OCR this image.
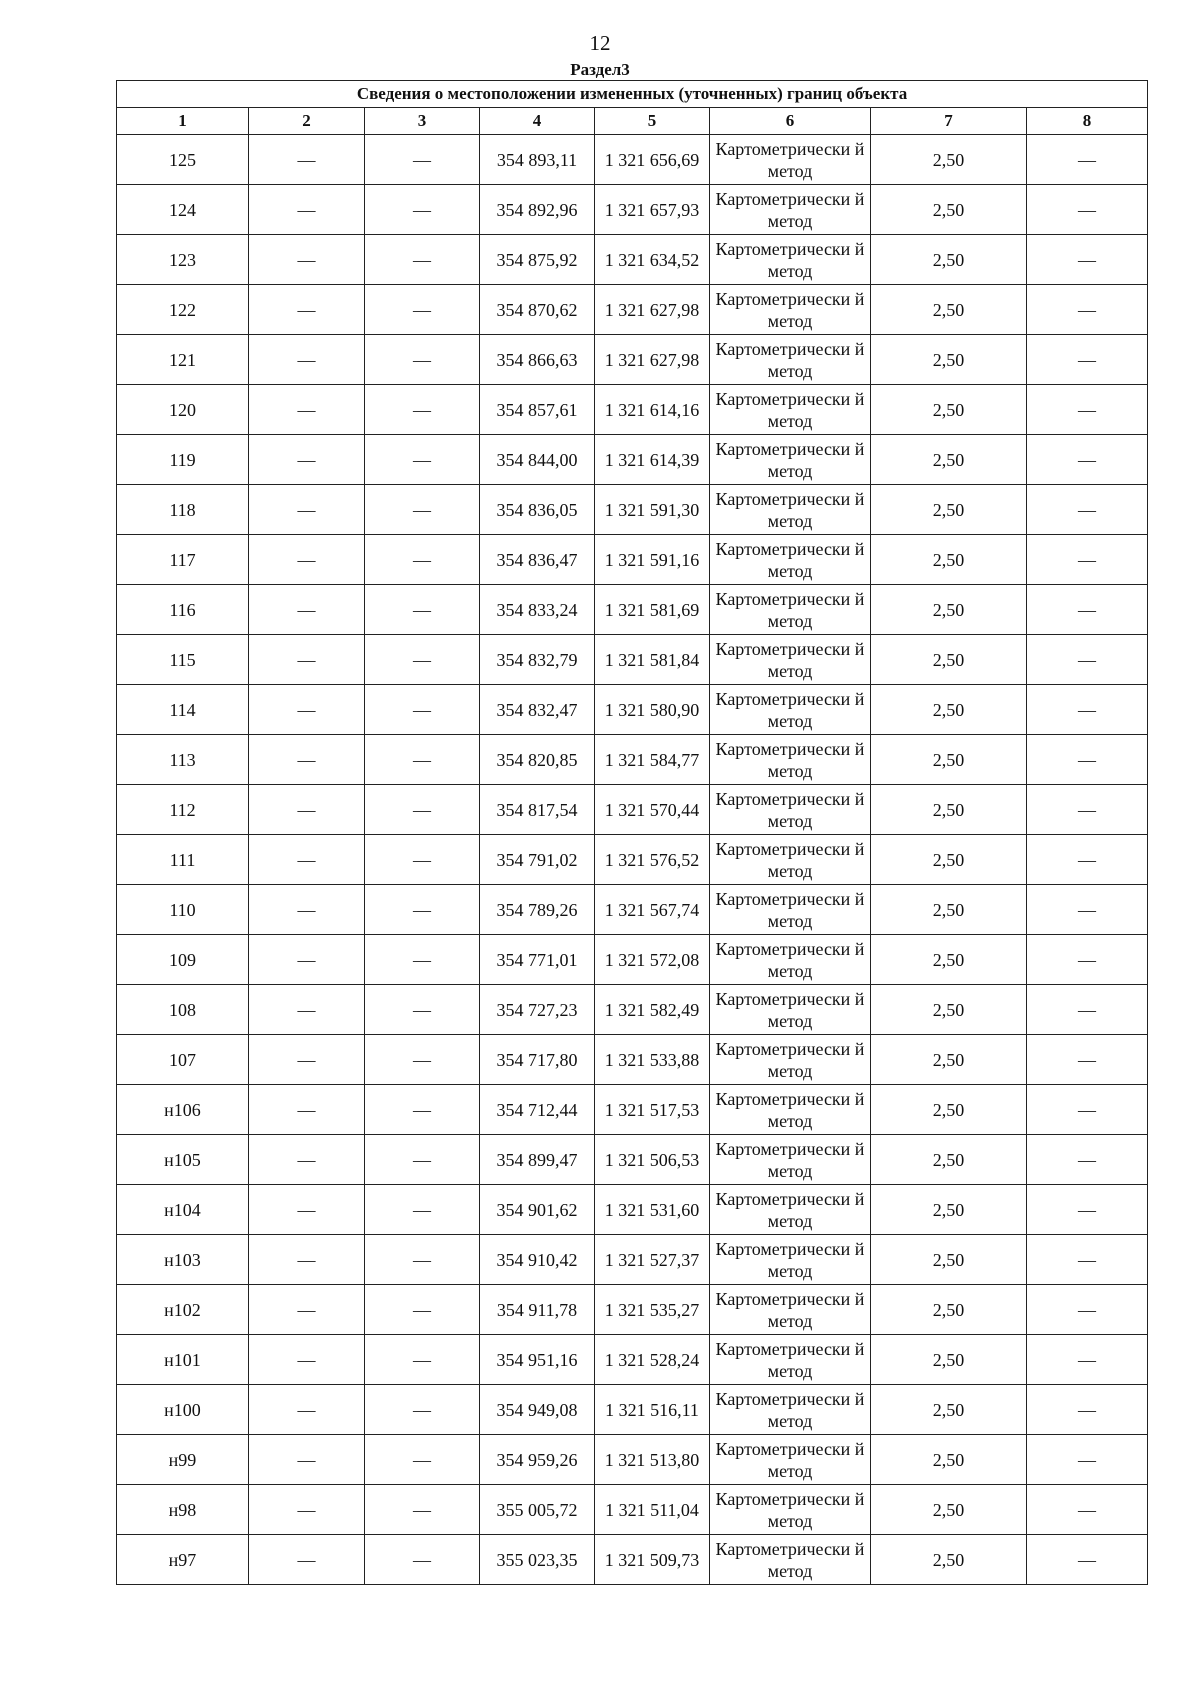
12
Раздел3
Сведения о местоположении измененных (уточненных) границ объекта							
1	2	3	4	5	6	7	8
125	—	—	354 893,11	1 321 656,69	Картометрически й метод	2,50	—
124	—	—	354 892,96	1 321 657,93	Картометрически й метод	2,50	—
123	—	—	354 875,92	1 321 634,52	Картометрически й метод	2,50	—
122	—	—	354 870,62	1 321 627,98	Картометрически й метод	2,50	—
121	—	—	354 866,63	1 321 627,98	Картометрически й метод	2,50	—
120	—	—	354 857,61	1 321 614,16	Картометрически й метод	2,50	—
119	—	—	354 844,00	1 321 614,39	Картометрически й метод	2,50	—
118	—	—	354 836,05	1 321 591,30	Картометрически й метод	2,50	—
117	—	—	354 836,47	1 321 591,16	Картометрически й метод	2,50	—
116	—	—	354 833,24	1 321 581,69	Картометрически й метод	2,50	—
115	—	—	354 832,79	1 321 581,84	Картометрически й метод	2,50	—
114	—	—	354 832,47	1 321 580,90	Картометрически й метод	2,50	—
113	—	—	354 820,85	1 321 584,77	Картометрически й метод	2,50	—
112	—	—	354 817,54	1 321 570,44	Картометрически й метод	2,50	—
111	—	—	354 791,02	1 321 576,52	Картометрически й метод	2,50	—
110	—	—	354 789,26	1 321 567,74	Картометрически й метод	2,50	—
109	—	—	354 771,01	1 321 572,08	Картометрически й метод	2,50	—
108	—	—	354 727,23	1 321 582,49	Картометрически й метод	2,50	—
107	—	—	354 717,80	1 321 533,88	Картометрически й метод	2,50	—
н106	—	—	354 712,44	1 321 517,53	Картометрически й метод	2,50	—
н105	—	—	354 899,47	1 321 506,53	Картометрически й метод	2,50	—
н104	—	—	354 901,62	1 321 531,60	Картометрически й метод	2,50	—
н103	—	—	354 910,42	1 321 527,37	Картометрически й метод	2,50	—
н102	—	—	354 911,78	1 321 535,27	Картометрически й метод	2,50	—
н101	—	—	354 951,16	1 321 528,24	Картометрически й метод	2,50	—
н100	—	—	354 949,08	1 321 516,11	Картометрически й метод	2,50	—
н99	—	—	354 959,26	1 321 513,80	Картометрически й метод	2,50	—
н98	—	—	355 005,72	1 321 511,04	Картометрически й метод	2,50	—
н97	—	—	355 023,35	1 321 509,73	Картометрически й метод	2,50	—
